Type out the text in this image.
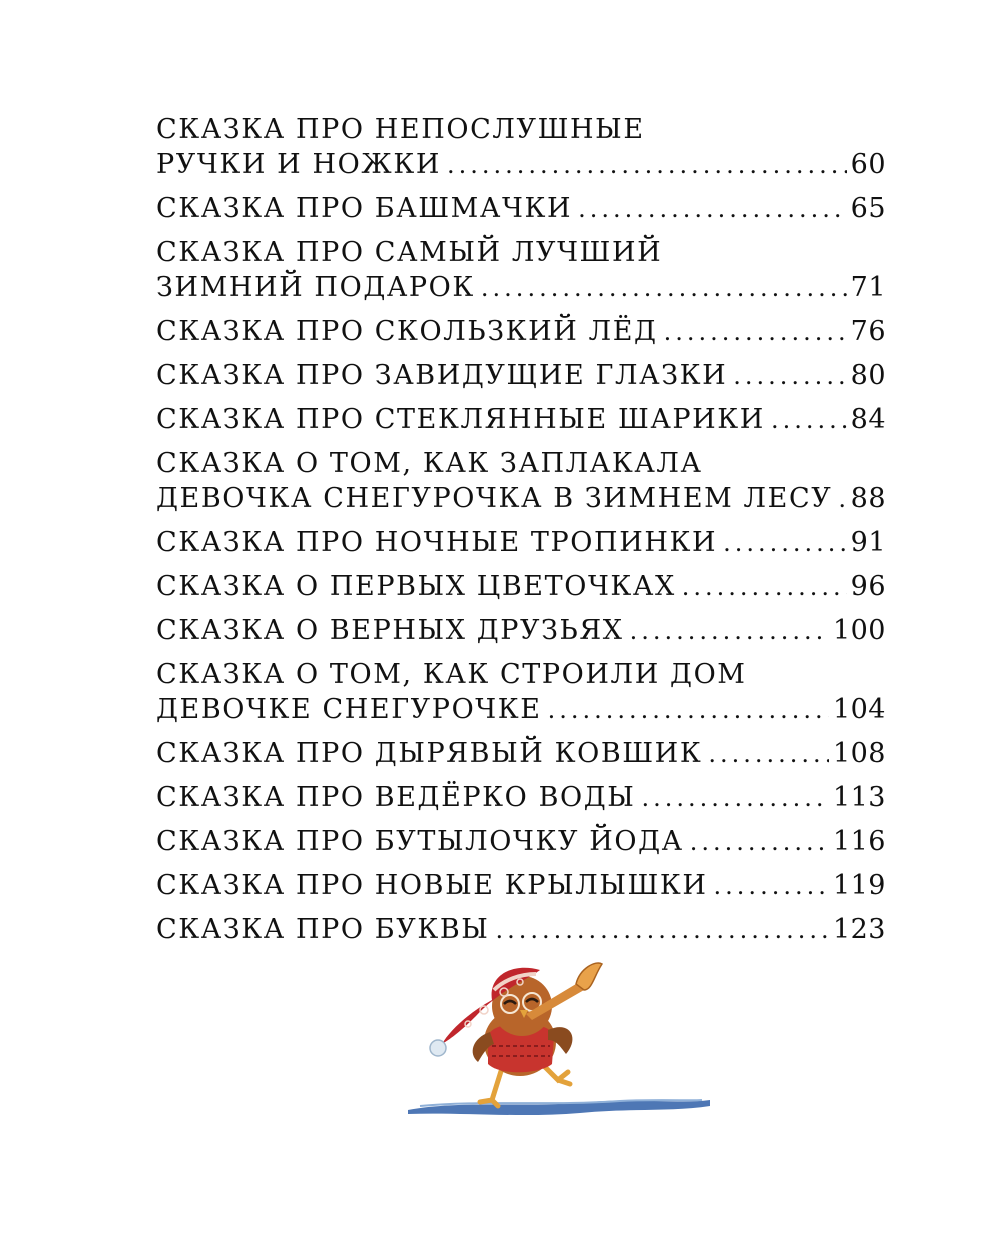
СКАЗКА ПРО НЕПОСЛУШНЫЕ
РУЧКИ И НОЖКИ .....	60
СКАЗКА ПРО БАШМАЧКИ .....	65
СКАЗКА ПРО САМЫЙ ЛУЧШИЙ
ЗИМНИЙ ПОДАРОК .....	71
СКАЗКА ПРО СКОЛЬЗКИЙ ЛЁД .....	76
СКАЗКА ПРО ЗАВИДУЩИЕ ГЛАЗКИ .....	80
СКАЗКА ПРО СТЕКЛЯННЫЕ ШАРИКИ .....	84
СКАЗКА О ТОМ, КАК ЗАПЛАКАЛА
ДЕВОЧКА СНЕГУРОЧКА В ЗИМНЕМ ЛЕСУ ..... 88
СКАЗКА ПРО НОЧНЫЕ ТРОПИНКИ .....	91
СКАЗКА О ПЕРВЫХ ЦВЕТОЧКАХ .....	96
СКАЗКА О ВЕРНЫХ ДРУЗЬЯХ .....	100
СКАЗКА О ТОМ, КАК СТРОИЛИ ДОМ
ДЕВОЧКЕ СНЕГУРОЧКЕ .....	104
СКАЗКА ПРО ДЫРЯВЫЙ КОВШИК .....	108
СКАЗКА ПРО ВЕДЁРКО ВОДЫ .....	113
СКАЗКА ПРО БУТЫЛОЧКУ ЙОДА .....	116
СКАЗКА ПРО НОВЫЕ КРЫЛЫШКИ .....	119
СКАЗКА ПРО БУКВЫ .....	123
